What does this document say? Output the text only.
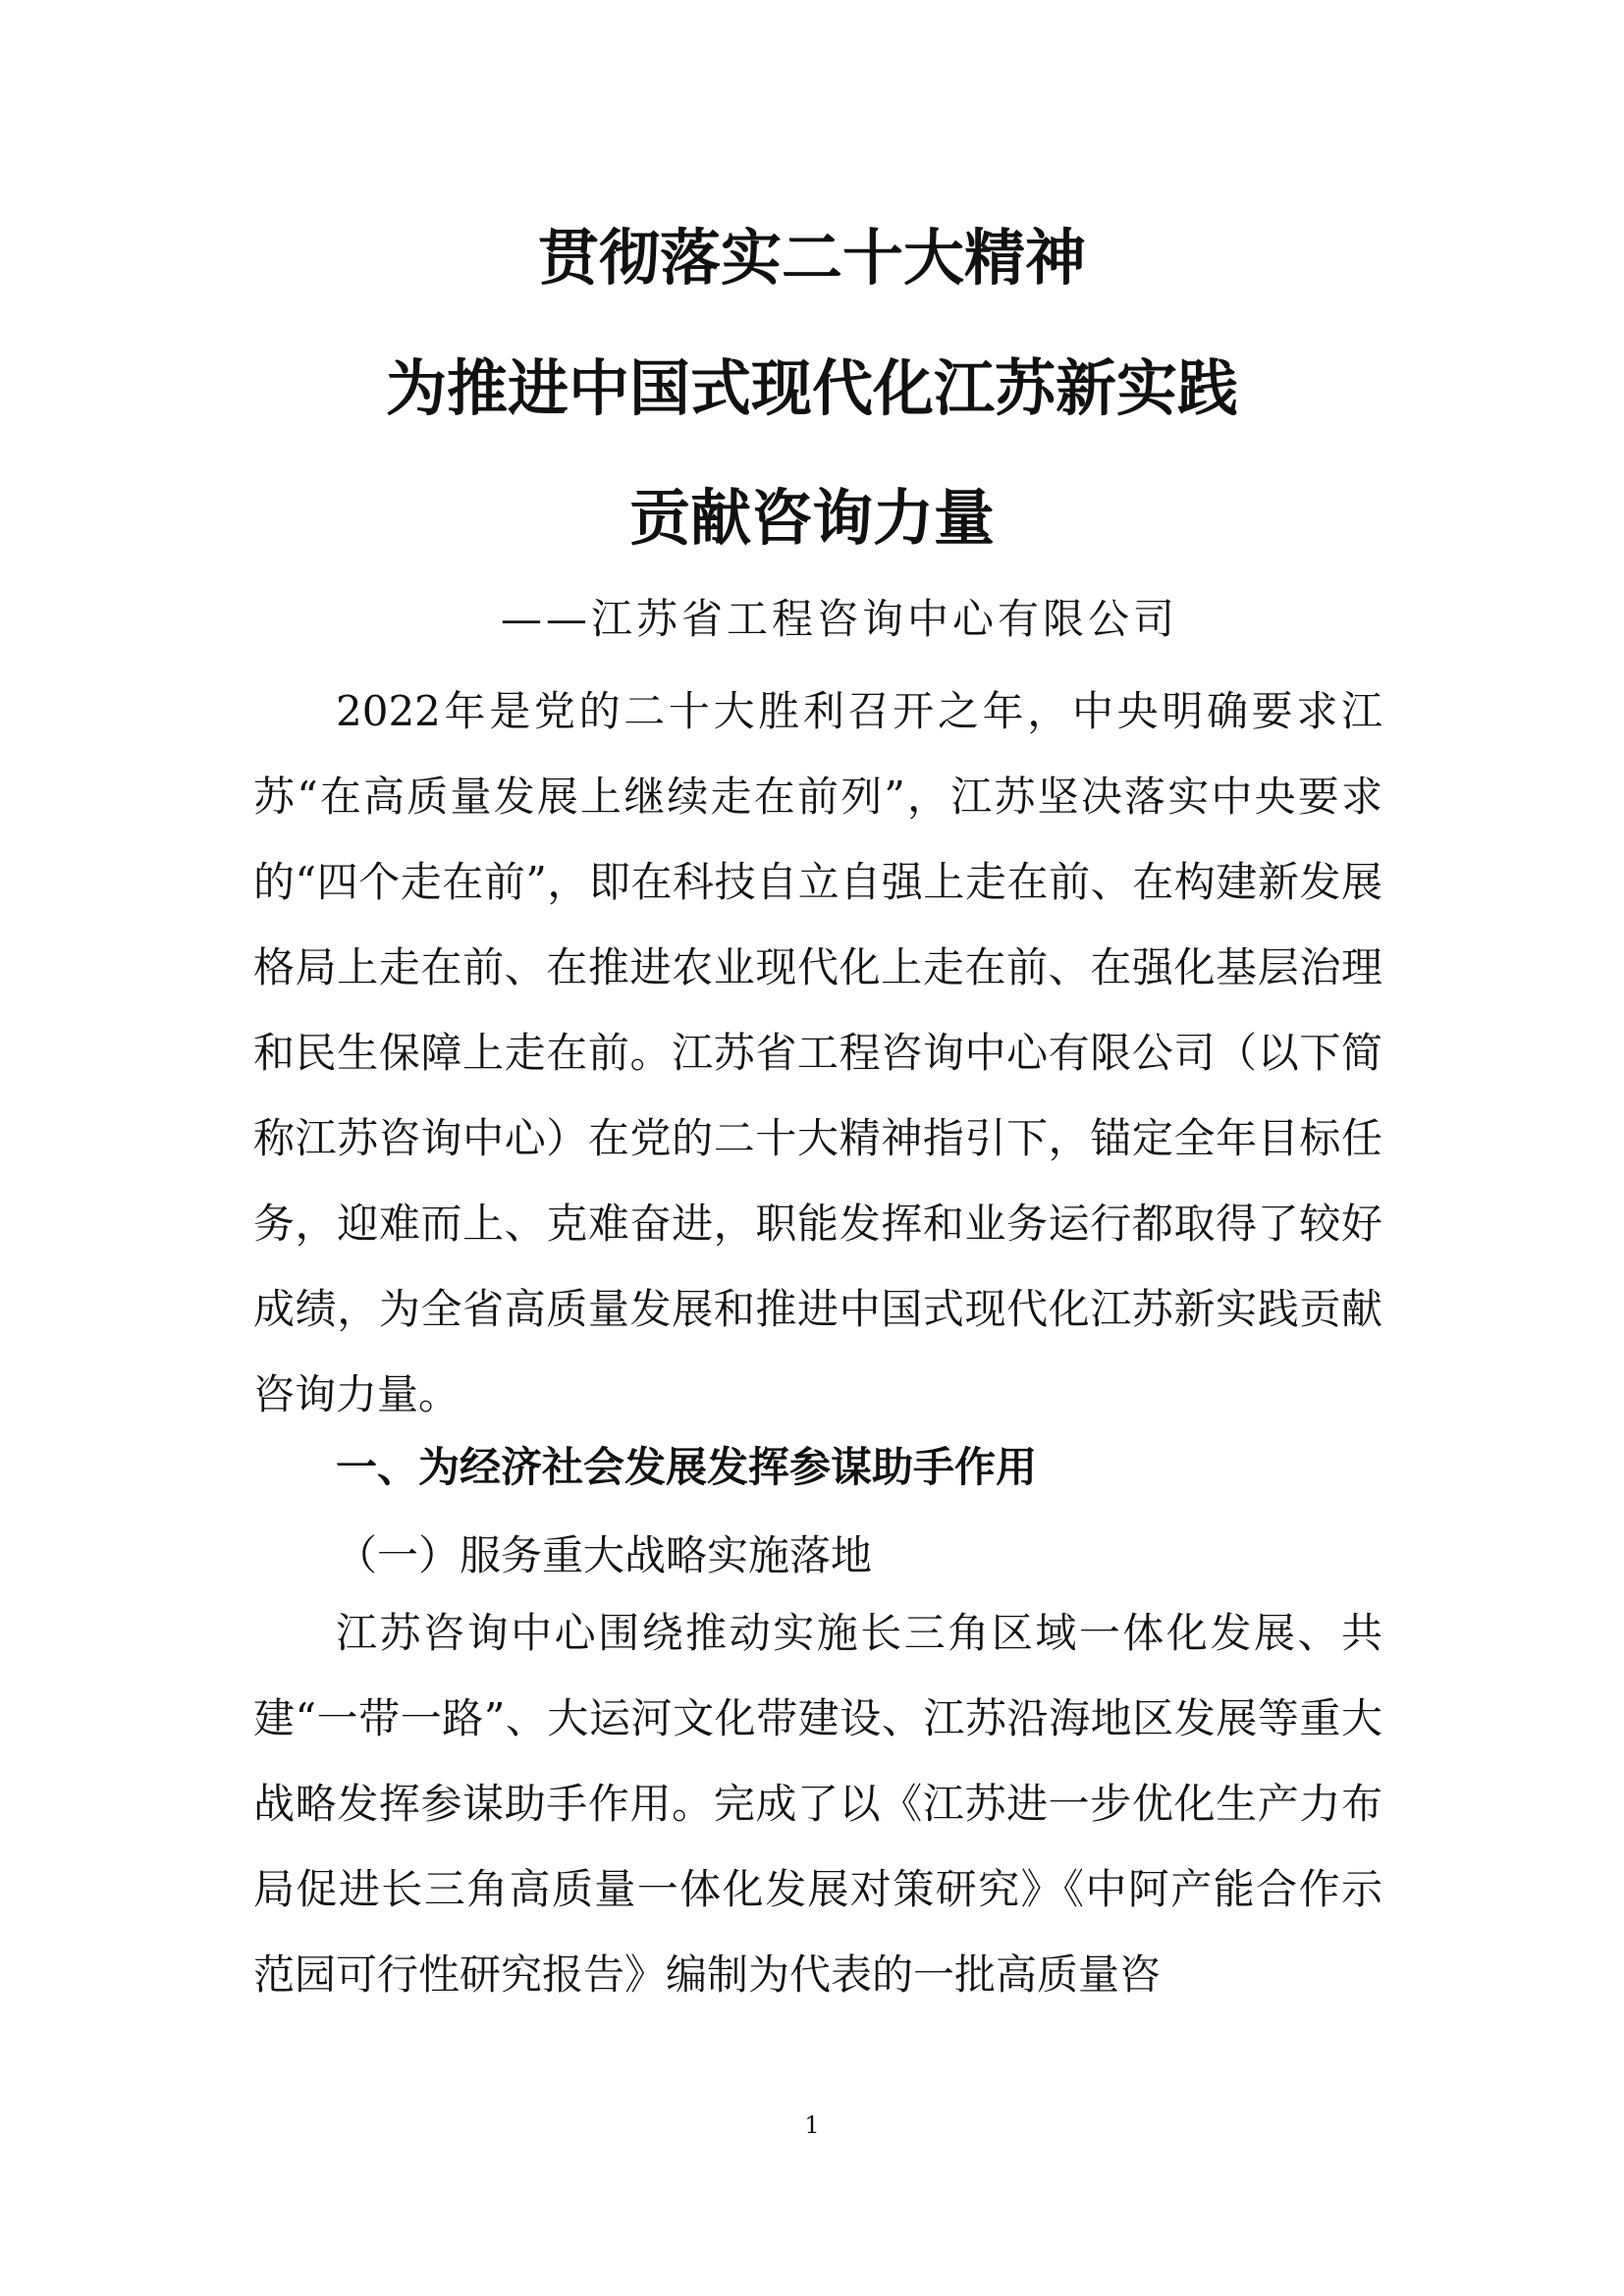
贯彻落实二十大精神
为推进中国式现代化江苏新实践
贡献咨询力量
——江苏省工程咨询中心有限公司
2022年是党的二十大胜利召开之年，中央明确要求江苏“在高质量发展上继续走在前列”，江苏坚决落实中央要求的“四个走在前”，即在科技自立自强上走在前、在构建新发展格局上走在前、在推进农业现代化上走在前、在强化基层治理和民生保障上走在前。江苏省工程咨询中心有限公司（以下简称江苏咨询中心）在党的二十大精神指引下，锚定全年目标任务，迎难而上、克难奋进，职能发挥和业务运行都取得了较好成绩，为全省高质量发展和推进中国式现代化江苏新实践贡献咨询力量。
一、为经济社会发展发挥参谋助手作用
（一）服务重大战略实施落地
江苏咨询中心围绕推动实施长三角区域一体化发展、共建“一带一路”、大运河文化带建设、江苏沿海地区发展等重大战略发挥参谋助手作用。完成了以《江苏进一步优化生产力布局促进长三角高质量一体化发展对策研究》《中阿产能合作示范园可行性研究报告》编制为代表的一批高质量咨
1
